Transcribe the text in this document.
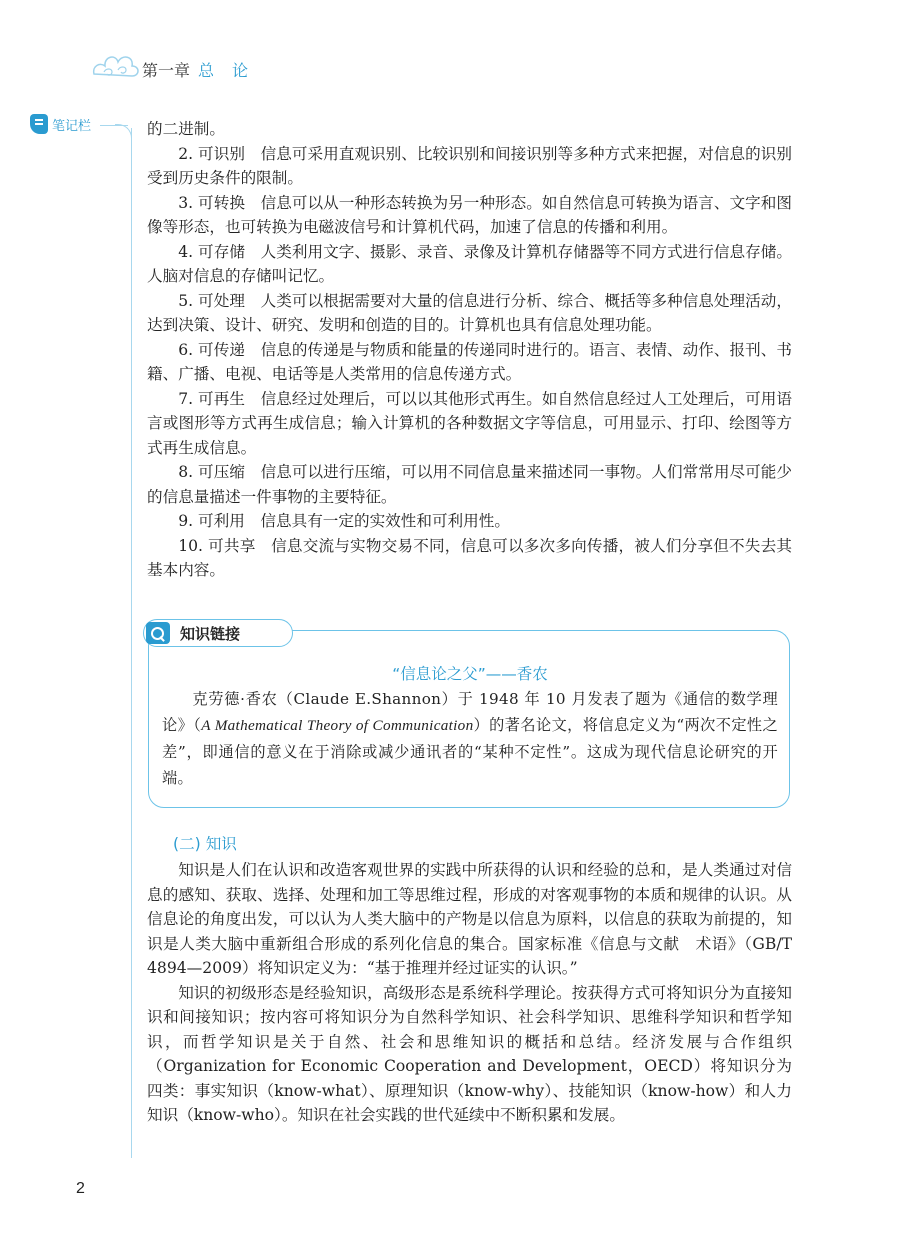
第一章 总论
笔记栏	的二进制。

2. 可识别 信息可采用直观识别、比较识别和间接识别等多种方式来把握，对信息的识别受到历史条件的限制。

3. 可转换 信息可以从一种形态转换为另一种形态。如自然信息可转换为语言、文字和图像等形态，也可转换为电磁波信号和计算机代码，加速了信息的传播和利用。

4. 可存储 人类利用文字、摄影、录音、录像及计算机存储器等不同方式进行信息存储。人脑对信息的存储叫记忆。

5. 可处理 人类可以根据需要对大量的信息进行分析、综合、概括等多种信息处理活动，达到决策、设计、研究、发明和创造的目的。计算机也具有信息处理功能。

6. 可传递 信息的传递是与物质和能量的传递同时进行的。语言、表情、动作、报刊、书籍、广播、电视、电话等是人类常用的信息传递方式。

7. 可再生 信息经过处理后，可以以其他形式再生。如自然信息经过人工处理后，可用语言或图形等方式再生成信息；输入计算机的各种数据文字等信息，可用显示、打印、绘图等方式再生成信息。

8. 可压缩 信息可以进行压缩，可以用不同信息量来描述同一事物。人们常常用尽可能少的信息量描述一件事物的主要特征。

9. 可利用 信息具有一定的实效性和可利用性。

10. 可共享 信息交流与实物交易不同，信息可以多次多向传播，被人们分享但不失去其基本内容。

知识链接
“信息论之父”——香农

克劳德·香农（Claude E.Shannon）于 1948 年 10 月发表了题为《通信的数学理论》（A Mathematical Theory of Communication）的著名论文，将信息定义为“两次不定性之差”，即通信的意义在于消除或减少通讯者的“某种不定性”。这成为现代信息论研究的开端。

(二) 知识

知识是人们在认识和改造客观世界的实践中所获得的认识和经验的总和，是人类通过对信息的感知、获取、选择、处理和加工等思维过程，形成的对客观事物的本质和规律的认识。从信息论的角度出发，可以认为人类大脑中的产物是以信息为原料，以信息的获取为前提的，知识是人类大脑中重新组合形成的系列化信息的集合。国家标准《信息与文献　术语》（GB/T 4894—2009）将知识定义为：“基于推理并经过证实的认识。”

知识的初级形态是经验知识，高级形态是系统科学理论。按获得方式可将知识分为直接知识和间接知识；按内容可将知识分为自然科学知识、社会科学知识、思维科学知识和哲学知识，而哲学知识是关于自然、社会和思维知识的概括和总结。经济发展与合作组织（Organization for Economic Cooperation and Development，OECD）将知识分为四类：事实知识（know-what）、原理知识（know-why）、技能知识（know-how）和人力知识（know-who）。知识在社会实践的世代延续中不断积累和发展。

2
